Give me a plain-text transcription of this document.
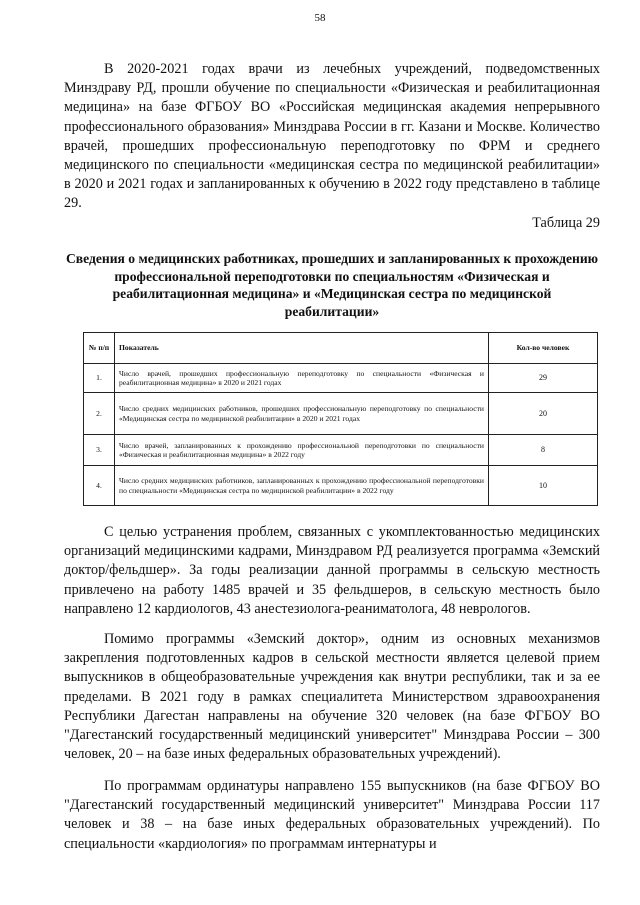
58

В 2020-2021 годах врачи из лечебных учреждений, подведомственных Минздраву РД, прошли обучение по специальности «Физическая и реабилитационная медицина» на базе ФГБОУ ВО «Российская медицинская академия непрерывного профессионального образования» Минздрава России в гг. Казани и Москве. Количество врачей, прошедших профессиональную переподготовку по ФРМ и среднего медицинского по специальности «медицинская сестра по медицинской реабилитации» в 2020 и 2021 годах и запланированных к обучению в 2022 году представлено в таблице 29.

Таблица 29
Сведения о медицинских работниках, прошедших и запланированных к прохождению профессиональной переподготовки по специальностям «Физическая и реабилитационная медицина» и «Медицинская сестра по медицинской реабилитации»
№ п/п	Показатель	Кол-во человек
1.	Число врачей, прошедших профессиональную переподготовку по специальности «Физическая и реабилитационная медицина» в 2020 и 2021 годах	29
2.	Число средних медицинских работников, прошедших профессиональную переподготовку по специальности «Медицинская сестра по медицинской реабилитации» в 2020 и 2021 годах	20
3.	Число врачей, запланированных к прохождению профессиональной переподготовки по специальности «Физическая и реабилитационная медицина» в 2022 году	8
4.	Число средних медицинских работников, запланированных к прохождению профессиональной переподготовки по специальности «Медицинская сестра по медицинской реабилитации» в 2022 году	10

С целью устранения проблем, связанных с укомплектованностью медицинских организаций медицинскими кадрами, Минздравом РД реализуется программа «Земский доктор/фельдшер». За годы реализации данной программы в сельскую местность привлечено на работу 1485 врачей и 35 фельдшеров, в сельскую местность было направлено 12 кардиологов, 43 анестезиолога-реаниматолога, 48 неврологов.

Помимо программы «Земский доктор», одним из основных механизмов закрепления подготовленных кадров в сельской местности является целевой прием выпускников в общеобразовательные учреждения как внутри республики, так и за ее пределами. В 2021 году в рамках специалитета Министерством здравоохранения Республики Дагестан направлены на обучение 320 человек (на базе ФГБОУ ВО "Дагестанский государственный медицинский университет" Минздрава России – 300 человек, 20 – на базе иных федеральных образовательных учреждений).

По программам ординатуры направлено 155 выпускников (на базе ФГБОУ ВО "Дагестанский государственный медицинский университет" Минздрава России 117 человек и 38 – на базе иных федеральных образовательных учреждений). По специальности «кардиология» по программам интернатуры и
